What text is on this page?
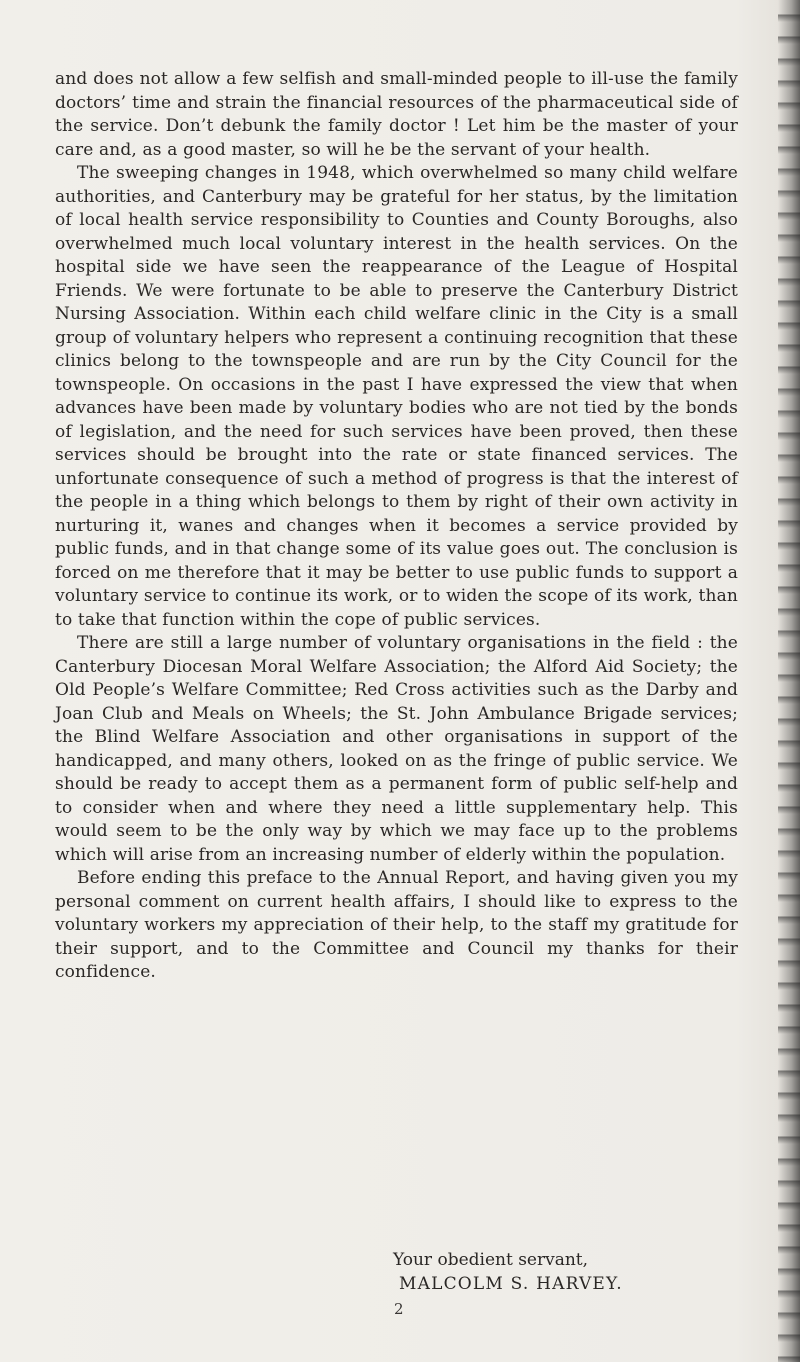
and does not allow a few selfish and small-minded people to ill-use the family doctors’ time and strain the financial resources of the pharmaceutical side of the service. Don’t debunk the family doctor ! Let him be the master of your care and, as a good master, so will he be the servant of your health.

The sweeping changes in 1948, which overwhelmed so many child welfare authorities, and Canterbury may be grateful for her status, by the limitation of local health service responsibility to Counties and County Boroughs, also overwhelmed much local voluntary interest in the health services. On the hospital side we have seen the reappearance of the League of Hospital Friends. We were fortunate to be able to preserve the Canterbury District Nursing Association. Within each child welfare clinic in the City is a small group of voluntary helpers who represent a continuing recognition that these clinics belong to the townspeople and are run by the City Council for the townspeople. On occasions in the past I have expressed the view that when advances have been made by voluntary bodies who are not tied by the bonds of legislation, and the need for such services have been proved, then these services should be brought into the rate or state financed services. The unfortunate consequence of such a method of progress is that the interest of the people in a thing which belongs to them by right of their own activity in nurturing it, wanes and changes when it becomes a service provided by public funds, and in that change some of its value goes out. The conclusion is forced on me therefore that it may be better to use public funds to support a voluntary service to continue its work, or to widen the scope of its work, than to take that function within the cope of public services.

There are still a large number of voluntary organisations in the field : the Canterbury Diocesan Moral Welfare Association; the Alford Aid Society; the Old People’s Welfare Committee; Red Cross activities such as the Darby and Joan Club and Meals on Wheels; the St. John Ambulance Brigade services; the Blind Welfare Association and other organisations in support of the handicapped, and many others, looked on as the fringe of public service. We should be ready to accept them as a permanent form of public self-help and to consider when and where they need a little supplementary help. This would seem to be the only way by which we may face up to the problems which will arise from an increasing number of elderly within the population.

Before ending this preface to the Annual Report, and having given you my personal comment on current health affairs, I should like to express to the voluntary workers my appreciation of their help, to the staff my gratitude for their support, and to the Committee and Council my thanks for their confidence.

Your obedient servant,
MALCOLM S. HARVEY.
2
